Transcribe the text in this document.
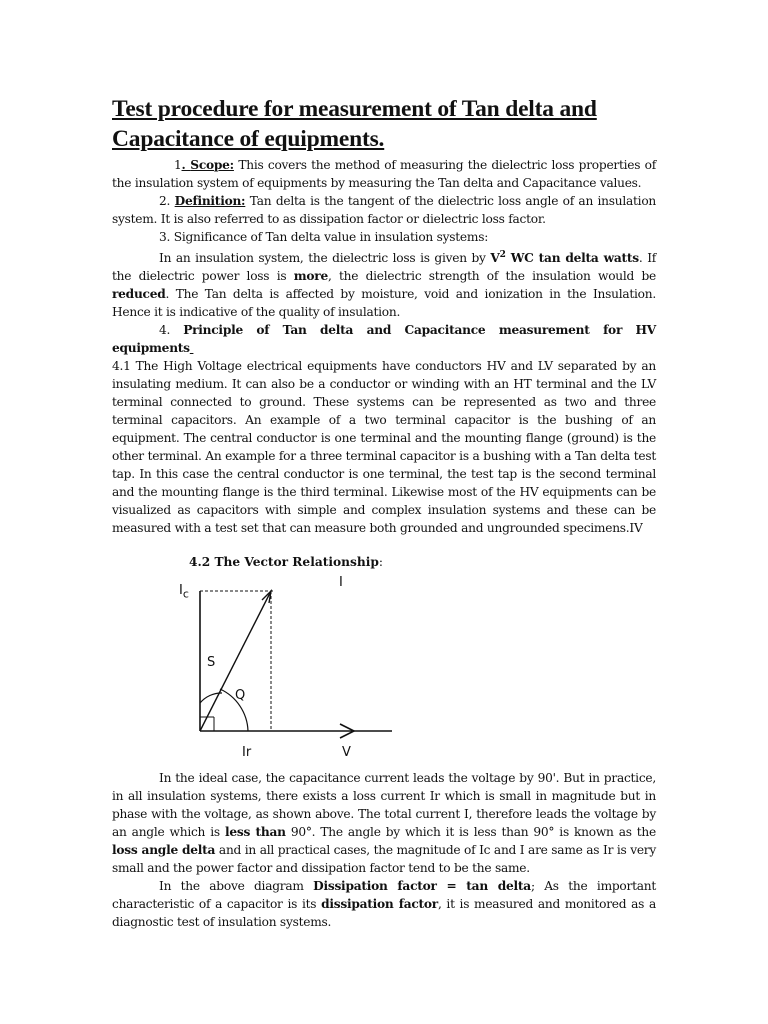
Test procedure for measurement of Tan delta and Capacitance of equipments.

1. Scope: This covers the method of measuring the dielectric loss properties of the insulation system of equipments by measuring the Tan delta and Capacitance values.

2. Definition: Tan delta is the tangent of the dielectric loss angle of an insulation system. It is also referred to as dissipation factor or dielectric loss factor.

3. Significance of Tan delta value in insulation systems:

In an insulation system, the dielectric loss is given by $V^2$ WC tan delta watts. If the dielectric power loss is more, the dielectric strength of the insulation would be reduced. The Tan delta is affected by moisture, void and ionization in the Insulation. Hence it is indicative of the quality of insulation.

4. Principle of Tan delta and Capacitance measurement for HV equipments

4.1 The High Voltage electrical equipments have conductors HV and LV separated by an insulating medium. It can also be a conductor or winding with an HT terminal and the LV terminal connected to ground. These systems can be represented as two and three terminal capacitors. An example of a two terminal capacitor is the bushing of an equipment. The central conductor is one terminal and the mounting flange (ground) is the other terminal. An example for a three terminal capacitor is a bushing with a Tan delta test tap. In this case the central conductor is one terminal, the test tap is the second terminal and the mounting flange is the third terminal. Likewise most of the HV equipments can be visualized as capacitors with simple and complex insulation systems and these can be measured with a test set that can measure both grounded and ungrounded specimens.IV

4.2 The Vector Relationship:

I
$I_c$
S
Q
Ir	V

In the ideal case, the capacitance current leads the voltage by 90'. But in practice, in all insulation systems, there exists a loss current Ir which is small in magnitude but in phase with the voltage, as shown above. The total current I, therefore leads the voltage by an angle which is less than 90°. The angle by which it is less than 90° is known as the loss angle delta and in all practical cases, the magnitude of Ic and I are same as Ir is very small and the power factor and dissipation factor tend to be the same.

In the above diagram Dissipation factor = tan delta; As the important characteristic of a capacitor is its dissipation factor, it is measured and monitored as a diagnostic test of insulation systems.
